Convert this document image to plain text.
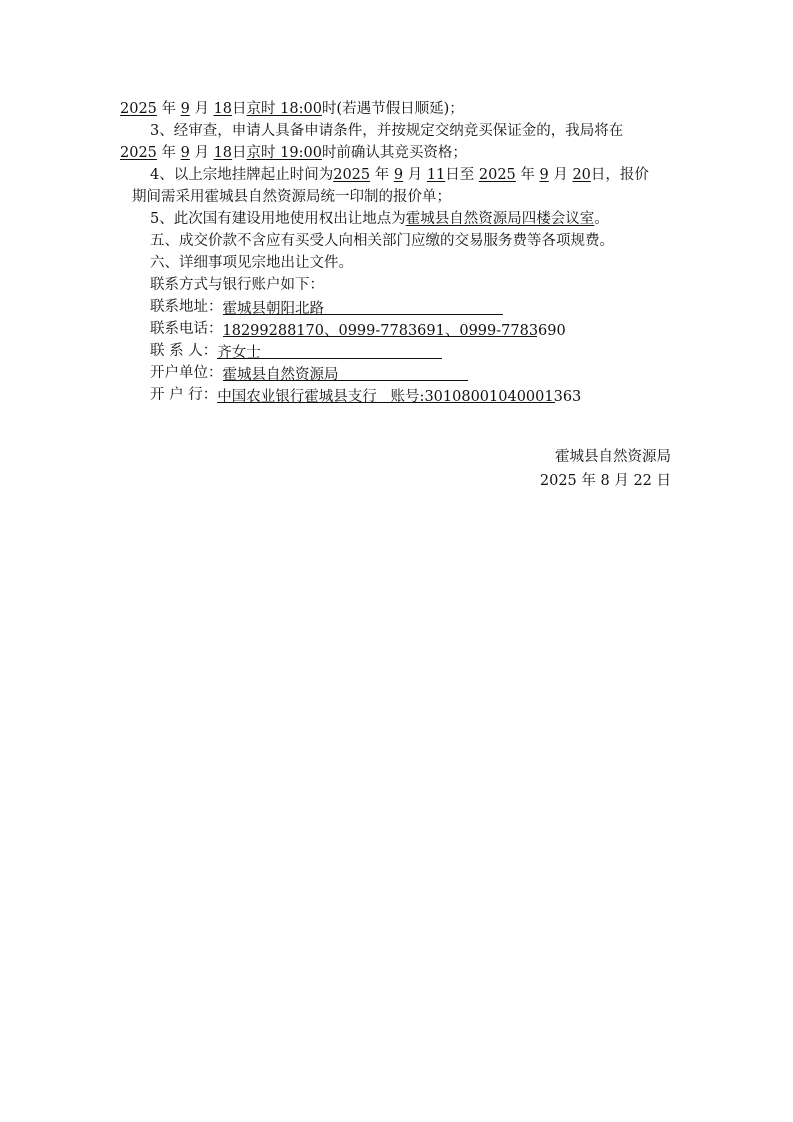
2025 年 9 月 18日京时 18:00时(若遇节假日顺延)；
3、经审查，申请人具备申请条件，并按规定交纳竞买保证金的，我局将在
2025 年 9 月 18日京时 19:00时前确认其竞买资格；
4、以上宗地挂牌起止时间为2025 年 9 月 11日至 2025 年 9 月 20日，报价
期间需采用霍城县自然资源局统一印制的报价单；
5、此次国有建设用地使用权出让地点为霍城县自然资源局四楼会议室。
五、成交价款不含应有买受人向相关部门应缴的交易服务费等各项规费。
六、详细事项见宗地出让文件。
联系方式与银行账户如下：
联系地址：霍城县朝阳北路
联系电话：18299288170、0999-7783691、0999-7783690
联 系 人：齐女士
开户单位：霍城县自然资源局
开 户 行：中国农业银行霍城县支行 账号:30108001040001363
霍城县自然资源局
2025 年 8 月 22 日
